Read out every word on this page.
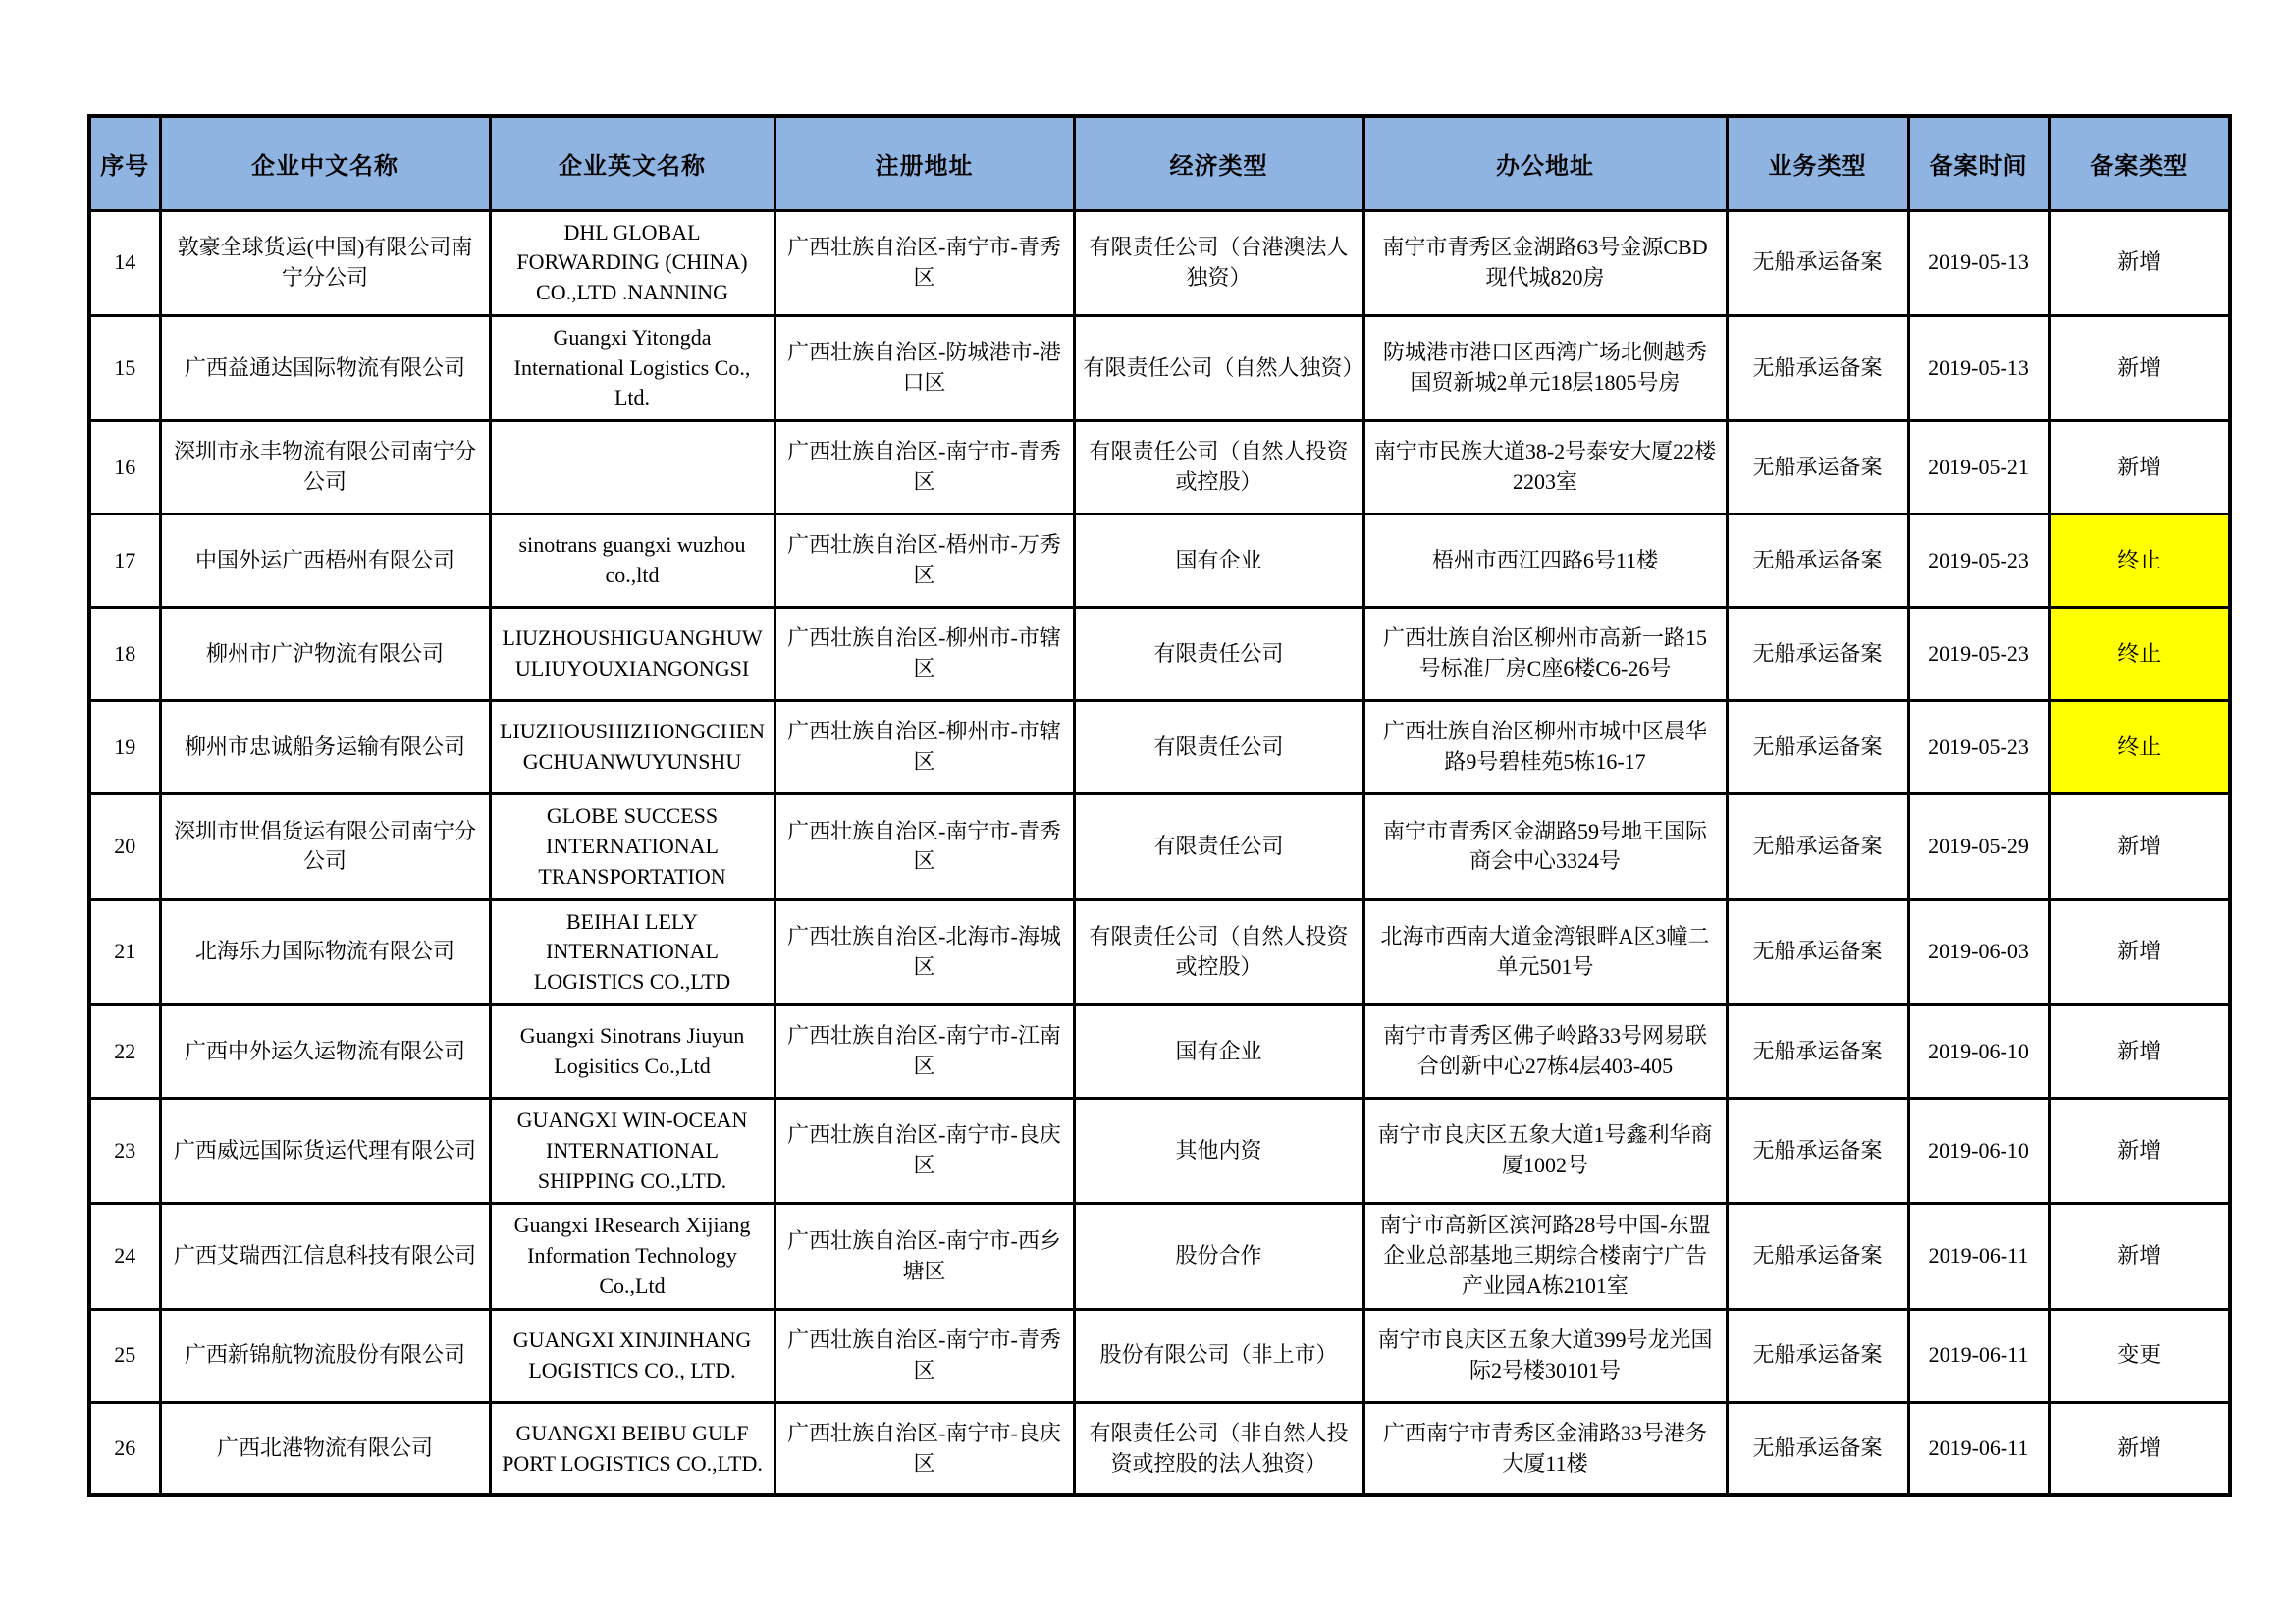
序号	企业中文名称	企业英文名称	注册地址	经济类型	办公地址	业务类型	备案时间	备案类型
14	敦豪全球货运(中国)有限公司南宁分公司	DHL GLOBAL FORWARDING (CHINA) CO.,LTD .NANNING	广西壮族自治区-南宁市-青秀区	有限责任公司（台港澳法人独资）	南宁市青秀区金湖路63号金源CBD现代城820房	无船承运备案	2019-05-13	新增
15	广西益通达国际物流有限公司	Guangxi Yitongda International Logistics Co., Ltd.	广西壮族自治区-防城港市-港口区	有限责任公司（自然人独资）	防城港市港口区西湾广场北侧越秀国贸新城2单元18层1805号房	无船承运备案	2019-05-13	新增
16	深圳市永丰物流有限公司南宁分公司		广西壮族自治区-南宁市-青秀区	有限责任公司（自然人投资或控股）	南宁市民族大道38-2号泰安大厦22楼2203室	无船承运备案	2019-05-21	新增
17	中国外运广西梧州有限公司	sinotrans guangxi wuzhou co.,ltd	广西壮族自治区-梧州市-万秀区	国有企业	梧州市西江四路6号11楼	无船承运备案	2019-05-23	终止
18	柳州市广沪物流有限公司	LIUZHOUSHIGUANGHUWULIUYOUXIANGONGSI	广西壮族自治区-柳州市-市辖区	有限责任公司	广西壮族自治区柳州市高新一路15号标准厂房C座6楼C6-26号	无船承运备案	2019-05-23	终止
19	柳州市忠诚船务运输有限公司	LIUZHOUSHIZHONGCHENGCHUANWUYUNSHU	广西壮族自治区-柳州市-市辖区	有限责任公司	广西壮族自治区柳州市城中区晨华路9号碧桂苑5栋16-17	无船承运备案	2019-05-23	终止
20	深圳市世倡货运有限公司南宁分公司	GLOBE SUCCESS INTERNATIONAL TRANSPORTATION	广西壮族自治区-南宁市-青秀区	有限责任公司	南宁市青秀区金湖路59号地王国际商会中心3324号	无船承运备案	2019-05-29	新增
21	北海乐力国际物流有限公司	BEIHAI LELY INTERNATIONAL LOGISTICS CO.,LTD	广西壮族自治区-北海市-海城区	有限责任公司（自然人投资或控股）	北海市西南大道金湾银畔A区3幢二单元501号	无船承运备案	2019-06-03	新增
22	广西中外运久运物流有限公司	Guangxi Sinotrans Jiuyun Logisitics Co.,Ltd	广西壮族自治区-南宁市-江南区	国有企业	南宁市青秀区佛子岭路33号网易联合创新中心27栋4层403-405	无船承运备案	2019-06-10	新增
23	广西威远国际货运代理有限公司	GUANGXI WIN-OCEAN INTERNATIONAL SHIPPING CO.,LTD.	广西壮族自治区-南宁市-良庆区	其他内资	南宁市良庆区五象大道1号鑫利华商厦1002号	无船承运备案	2019-06-10	新增
24	广西艾瑞西江信息科技有限公司	Guangxi IResearch Xijiang Information Technology Co.,Ltd	广西壮族自治区-南宁市-西乡塘区	股份合作	南宁市高新区滨河路28号中国-东盟企业总部基地三期综合楼南宁广告产业园A栋2101室	无船承运备案	2019-06-11	新增
25	广西新锦航物流股份有限公司	GUANGXI XINJINHANG LOGISTICS CO., LTD.	广西壮族自治区-南宁市-青秀区	股份有限公司（非上市）	南宁市良庆区五象大道399号龙光国际2号楼30101号	无船承运备案	2019-06-11	变更
26	广西北港物流有限公司	GUANGXI BEIBU GULF PORT LOGISTICS CO.,LTD.	广西壮族自治区-南宁市-良庆区	有限责任公司（非自然人投资或控股的法人独资）	广西南宁市青秀区金浦路33号港务大厦11楼	无船承运备案	2019-06-11	新增
